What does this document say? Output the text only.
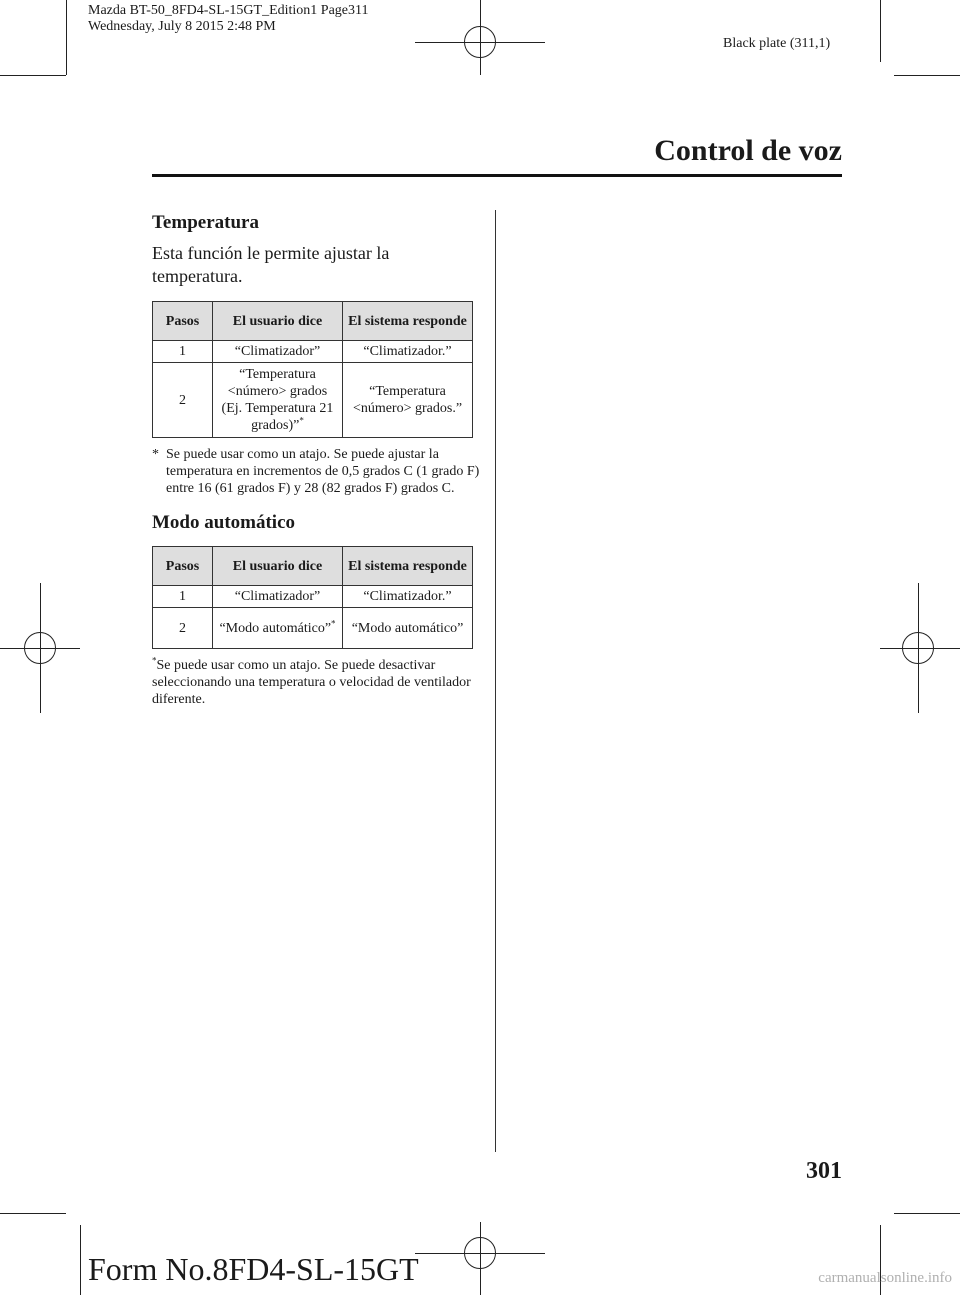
Mazda BT-50_8FD4-SL-15GT_Edition1 Page311
Wednesday, July 8 2015 2:48 PM
Black plate (311,1)
Control de voz
Temperatura
Esta función le permite ajustar la temperatura.
Pasos	El usuario dice	El sistema responde
1	“Climatizador”	“Climatizador.”
2	“Temperatura <número> grados (Ej. Temperatura 21 grados)”*	“Temperatura <número> grados.”
* Se puede usar como un atajo. Se puede ajustar la temperatura en incrementos de 0,5 grados C (1 grado F) entre 16 (61 grados F) y 28 (82 grados F) grados C.
Modo automático
Pasos	El usuario dice	El sistema responde
1	“Climatizador”	“Climatizador.”
2	“Modo automático”*	“Modo automático”
*Se puede usar como un atajo. Se puede desactivar seleccionando una temperatura o velocidad de ventilador diferente.
301
Form No.8FD4-SL-15GT	carmanualsonline.info
